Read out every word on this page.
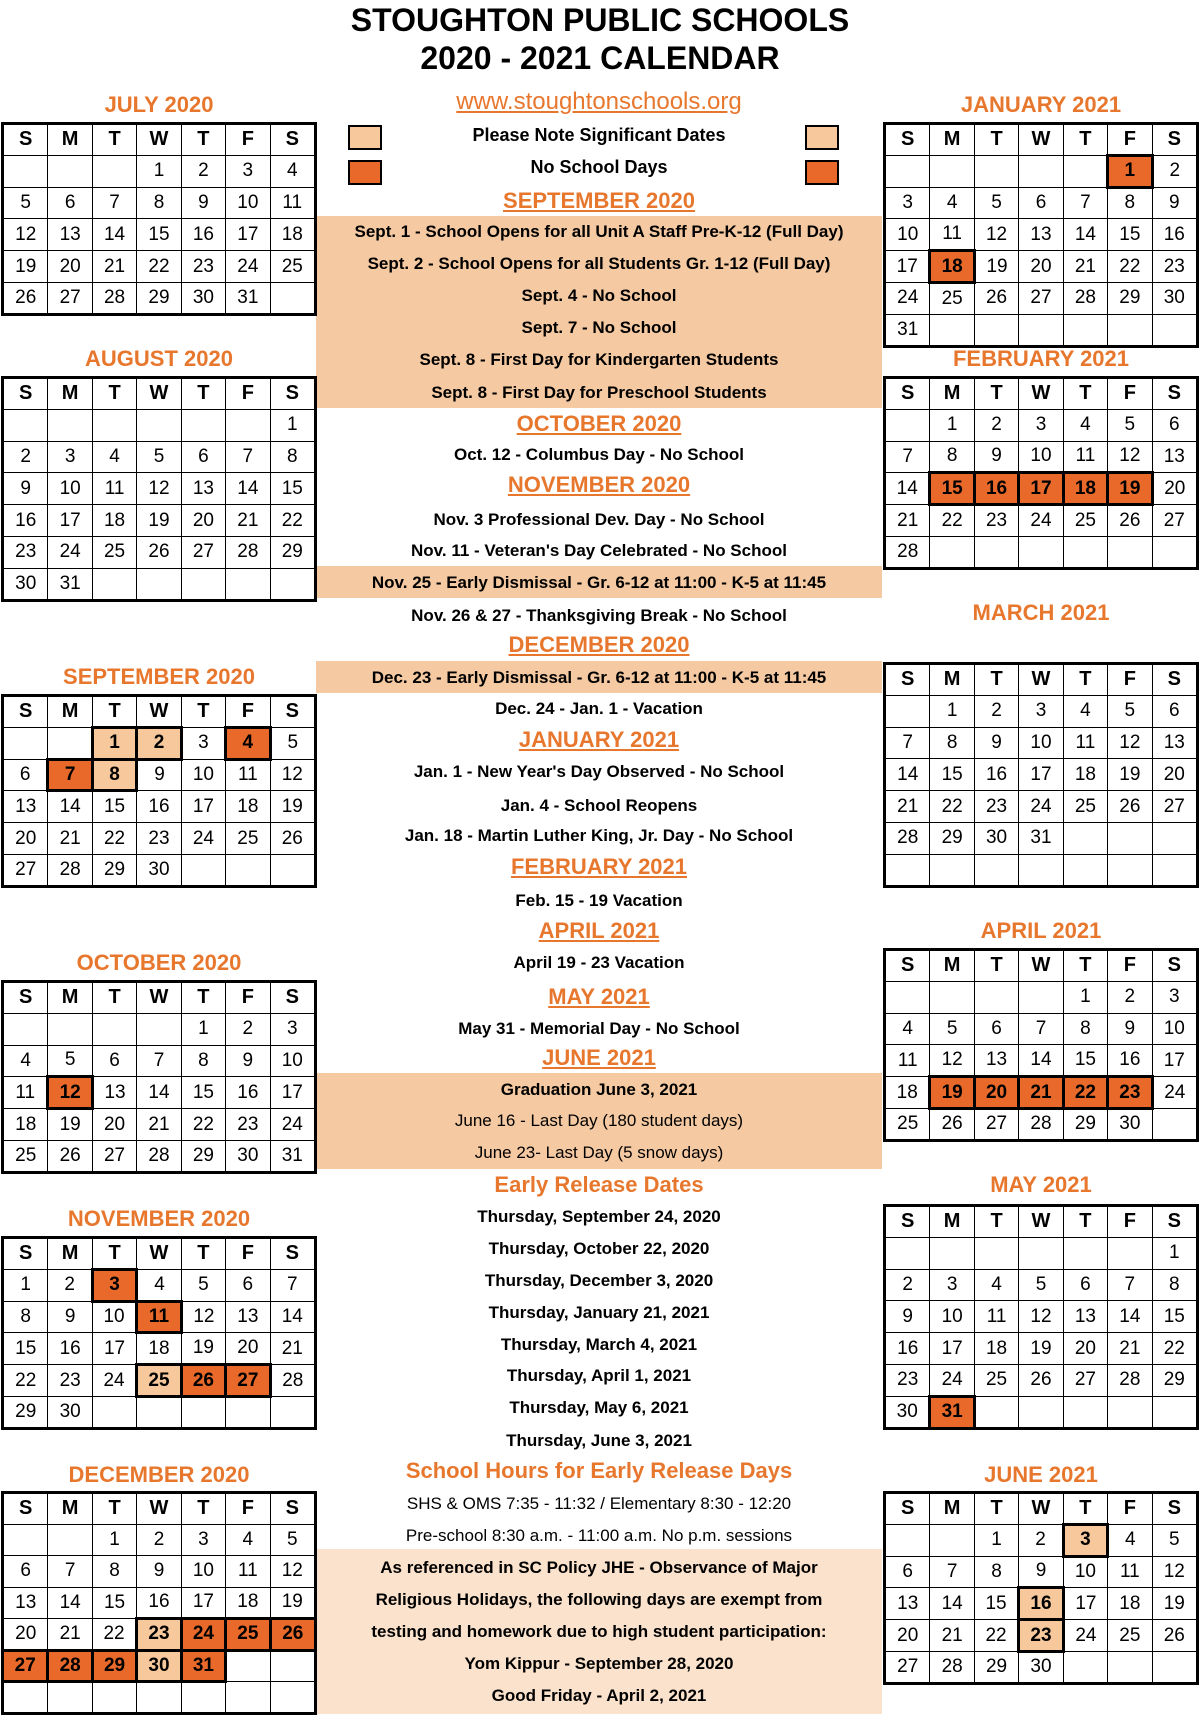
STOUGHTON PUBLIC SCHOOLS
2020 - 2021 CALENDAR
www.stoughtonschools.org
Please Note Significant Dates
No School Days
SEPTEMBER 2020
Sept. 1 - School Opens for all Unit A Staff Pre-K-12 (Full Day)
Sept. 2 - School Opens for all Students Gr. 1-12 (Full Day)
Sept. 4 - No School
Sept. 7 - No School
Sept. 8 - First Day for Kindergarten Students
Sept. 8 - First Day for Preschool Students
OCTOBER 2020
Oct. 12 - Columbus Day - No School
NOVEMBER 2020
Nov. 3 Professional Dev. Day - No School
Nov. 11 - Veteran's Day Celebrated - No School
Nov. 25 - Early Dismissal - Gr. 6-12 at 11:00 - K-5 at 11:45
Nov. 26 & 27 - Thanksgiving Break - No School
DECEMBER 2020
Dec. 23 - Early Dismissal - Gr. 6-12 at 11:00 - K-5 at 11:45
Dec. 24 - Jan. 1 - Vacation
JANUARY 2021
Jan. 1 - New Year's Day Observed - No School
Jan. 4 - School Reopens
Jan. 18 - Martin Luther King, Jr. Day - No School
FEBRUARY 2021
Feb. 15 - 19 Vacation
APRIL 2021
April 19 - 23 Vacation
MAY 2021
May 31 - Memorial Day - No School
JUNE 2021
Graduation June 3, 2021
June 16 - Last Day (180 student days)
June 23- Last Day (5 snow days)
Early Release Dates
Thursday, September 24, 2020
Thursday, October 22, 2020
Thursday, December 3, 2020
Thursday, January 21, 2021
Thursday, March 4, 2021
Thursday, April 1, 2021
Thursday, May 6, 2021
Thursday, June 3, 2021
School Hours for Early Release Days
SHS & OMS 7:35 - 11:32 / Elementary 8:30 - 12:20
Pre-school 8:30 a.m. - 11:00 a.m. No p.m. sessions
As referenced in SC Policy JHE - Observance of Major
Religious Holidays, the following days are exempt from
testing and homework due to high student participation:
Yom Kippur - September 28, 2020
Good Friday - April 2, 2021
JULY 2020
S	M	T	W	T	F	S
			1	2	3	4
5	6	7	8	9	10	11
12	13	14	15	16	17	18
19	20	21	22	23	24	25
26	27	28	29	30	31	
AUGUST 2020
S	M	T	W	T	F	S
						1
2	3	4	5	6	7	8
9	10	11	12	13	14	15
16	17	18	19	20	21	22
23	24	25	26	27	28	29
30	31					
SEPTEMBER 2020
S	M	T	W	T	F	S
		1	2	3	4	5
6	7	8	9	10	11	12
13	14	15	16	17	18	19
20	21	22	23	24	25	26
27	28	29	30			
OCTOBER 2020
S	M	T	W	T	F	S
				1	2	3
4	5	6	7	8	9	10
11	12	13	14	15	16	17
18	19	20	21	22	23	24
25	26	27	28	29	30	31
NOVEMBER 2020
S	M	T	W	T	F	S
1	2	3	4	5	6	7
8	9	10	11	12	13	14
15	16	17	18	19	20	21
22	23	24	25	26	27	28
29	30					
DECEMBER 2020
S	M	T	W	T	F	S
		1	2	3	4	5
6	7	8	9	10	11	12
13	14	15	16	17	18	19
20	21	22	23	24	25	26
27	28	29	30	31		

JANUARY 2021
S	M	T	W	T	F	S
					1	2
3	4	5	6	7	8	9
10	11	12	13	14	15	16
17	18	19	20	21	22	23
24	25	26	27	28	29	30
31						
FEBRUARY 2021
S	M	T	W	T	F	S
	1	2	3	4	5	6
7	8	9	10	11	12	13
14	15	16	17	18	19	20
21	22	23	24	25	26	27
28						
MARCH 2021
S	M	T	W	T	F	S
	1	2	3	4	5	6
7	8	9	10	11	12	13
14	15	16	17	18	19	20
21	22	23	24	25	26	27
28	29	30	31			

APRIL 2021
S	M	T	W	T	F	S
				1	2	3
4	5	6	7	8	9	10
11	12	13	14	15	16	17
18	19	20	21	22	23	24
25	26	27	28	29	30	
MAY 2021
S	M	T	W	T	F	S
						1
2	3	4	5	6	7	8
9	10	11	12	13	14	15
16	17	18	19	20	21	22
23	24	25	26	27	28	29
30	31					
JUNE 2021
S	M	T	W	T	F	S
		1	2	3	4	5
6	7	8	9	10	11	12
13	14	15	16	17	18	19
20	21	22	23	24	25	26
27	28	29	30			
